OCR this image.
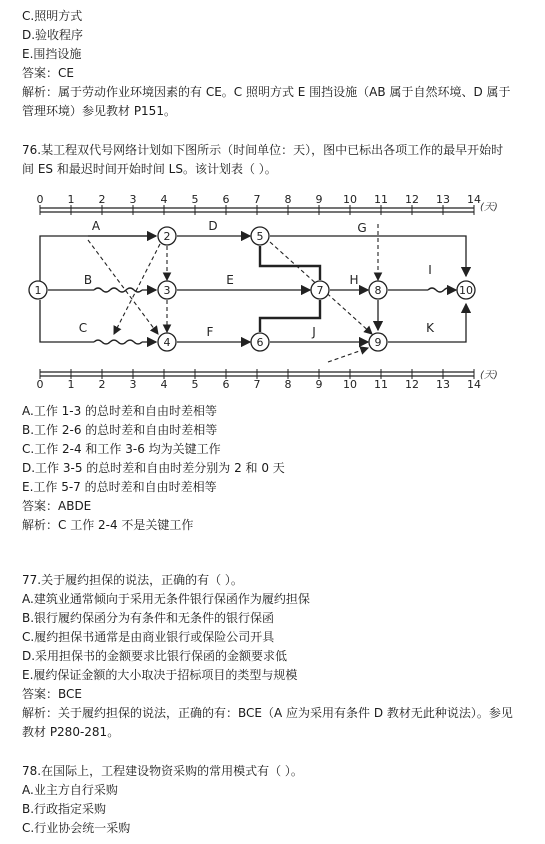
C.照明方式
D.验收程序
E.围挡设施
答案：CE
解析：属于劳动作业环境因素的有 CE。C 照明方式 E 围挡设施（AB 属于自然环境、D 属于
管理环境）参见教材 P151。
76.某工程双代号网络计划如下图所示（时间单位：天），图中已标出各项工作的最早开始时
间 ES 和最迟时间开始时间 LS。该计划表（ ）。
0 1 2 3 4 5 6 7 8 9 10 11 12 13 14
(天)
0 1 2 3 4 5 6 7 8 9 10 11 12 13 14
(天)
1
2
3
4
5
6
7	8
9
10
A
B
C
D
E
F
G
H
I
J	K
A.工作 1-3 的总时差和自由时差相等
B.工作 2-6 的总时差和自由时差相等
C.工作 2-4 和工作 3-6 均为关键工作
D.工作 3-5 的总时差和自由时差分别为 2 和 0 天
E.工作 5-7 的总时差和自由时差相等
答案：ABDE
解析：C 工作 2-4 不是关键工作
77.关于履约担保的说法，正确的有（ ）。
A.建筑业通常倾向于采用无条件银行保函作为履约担保
B.银行履约保函分为有条件和无条件的银行保函
C.履约担保书通常是由商业银行或保险公司开具
D.采用担保书的金额要求比银行保函的金额要求低
E.履约保证金额的大小取决于招标项目的类型与规模
答案：BCE
解析：关于履约担保的说法，正确的有：BCE（A 应为采用有条件 D 教材无此种说法）。参见
教材 P280-281。
78.在国际上，工程建设物资采购的常用模式有（ ）。
A.业主方自行采购
B.行政指定采购
C.行业协会统一采购
